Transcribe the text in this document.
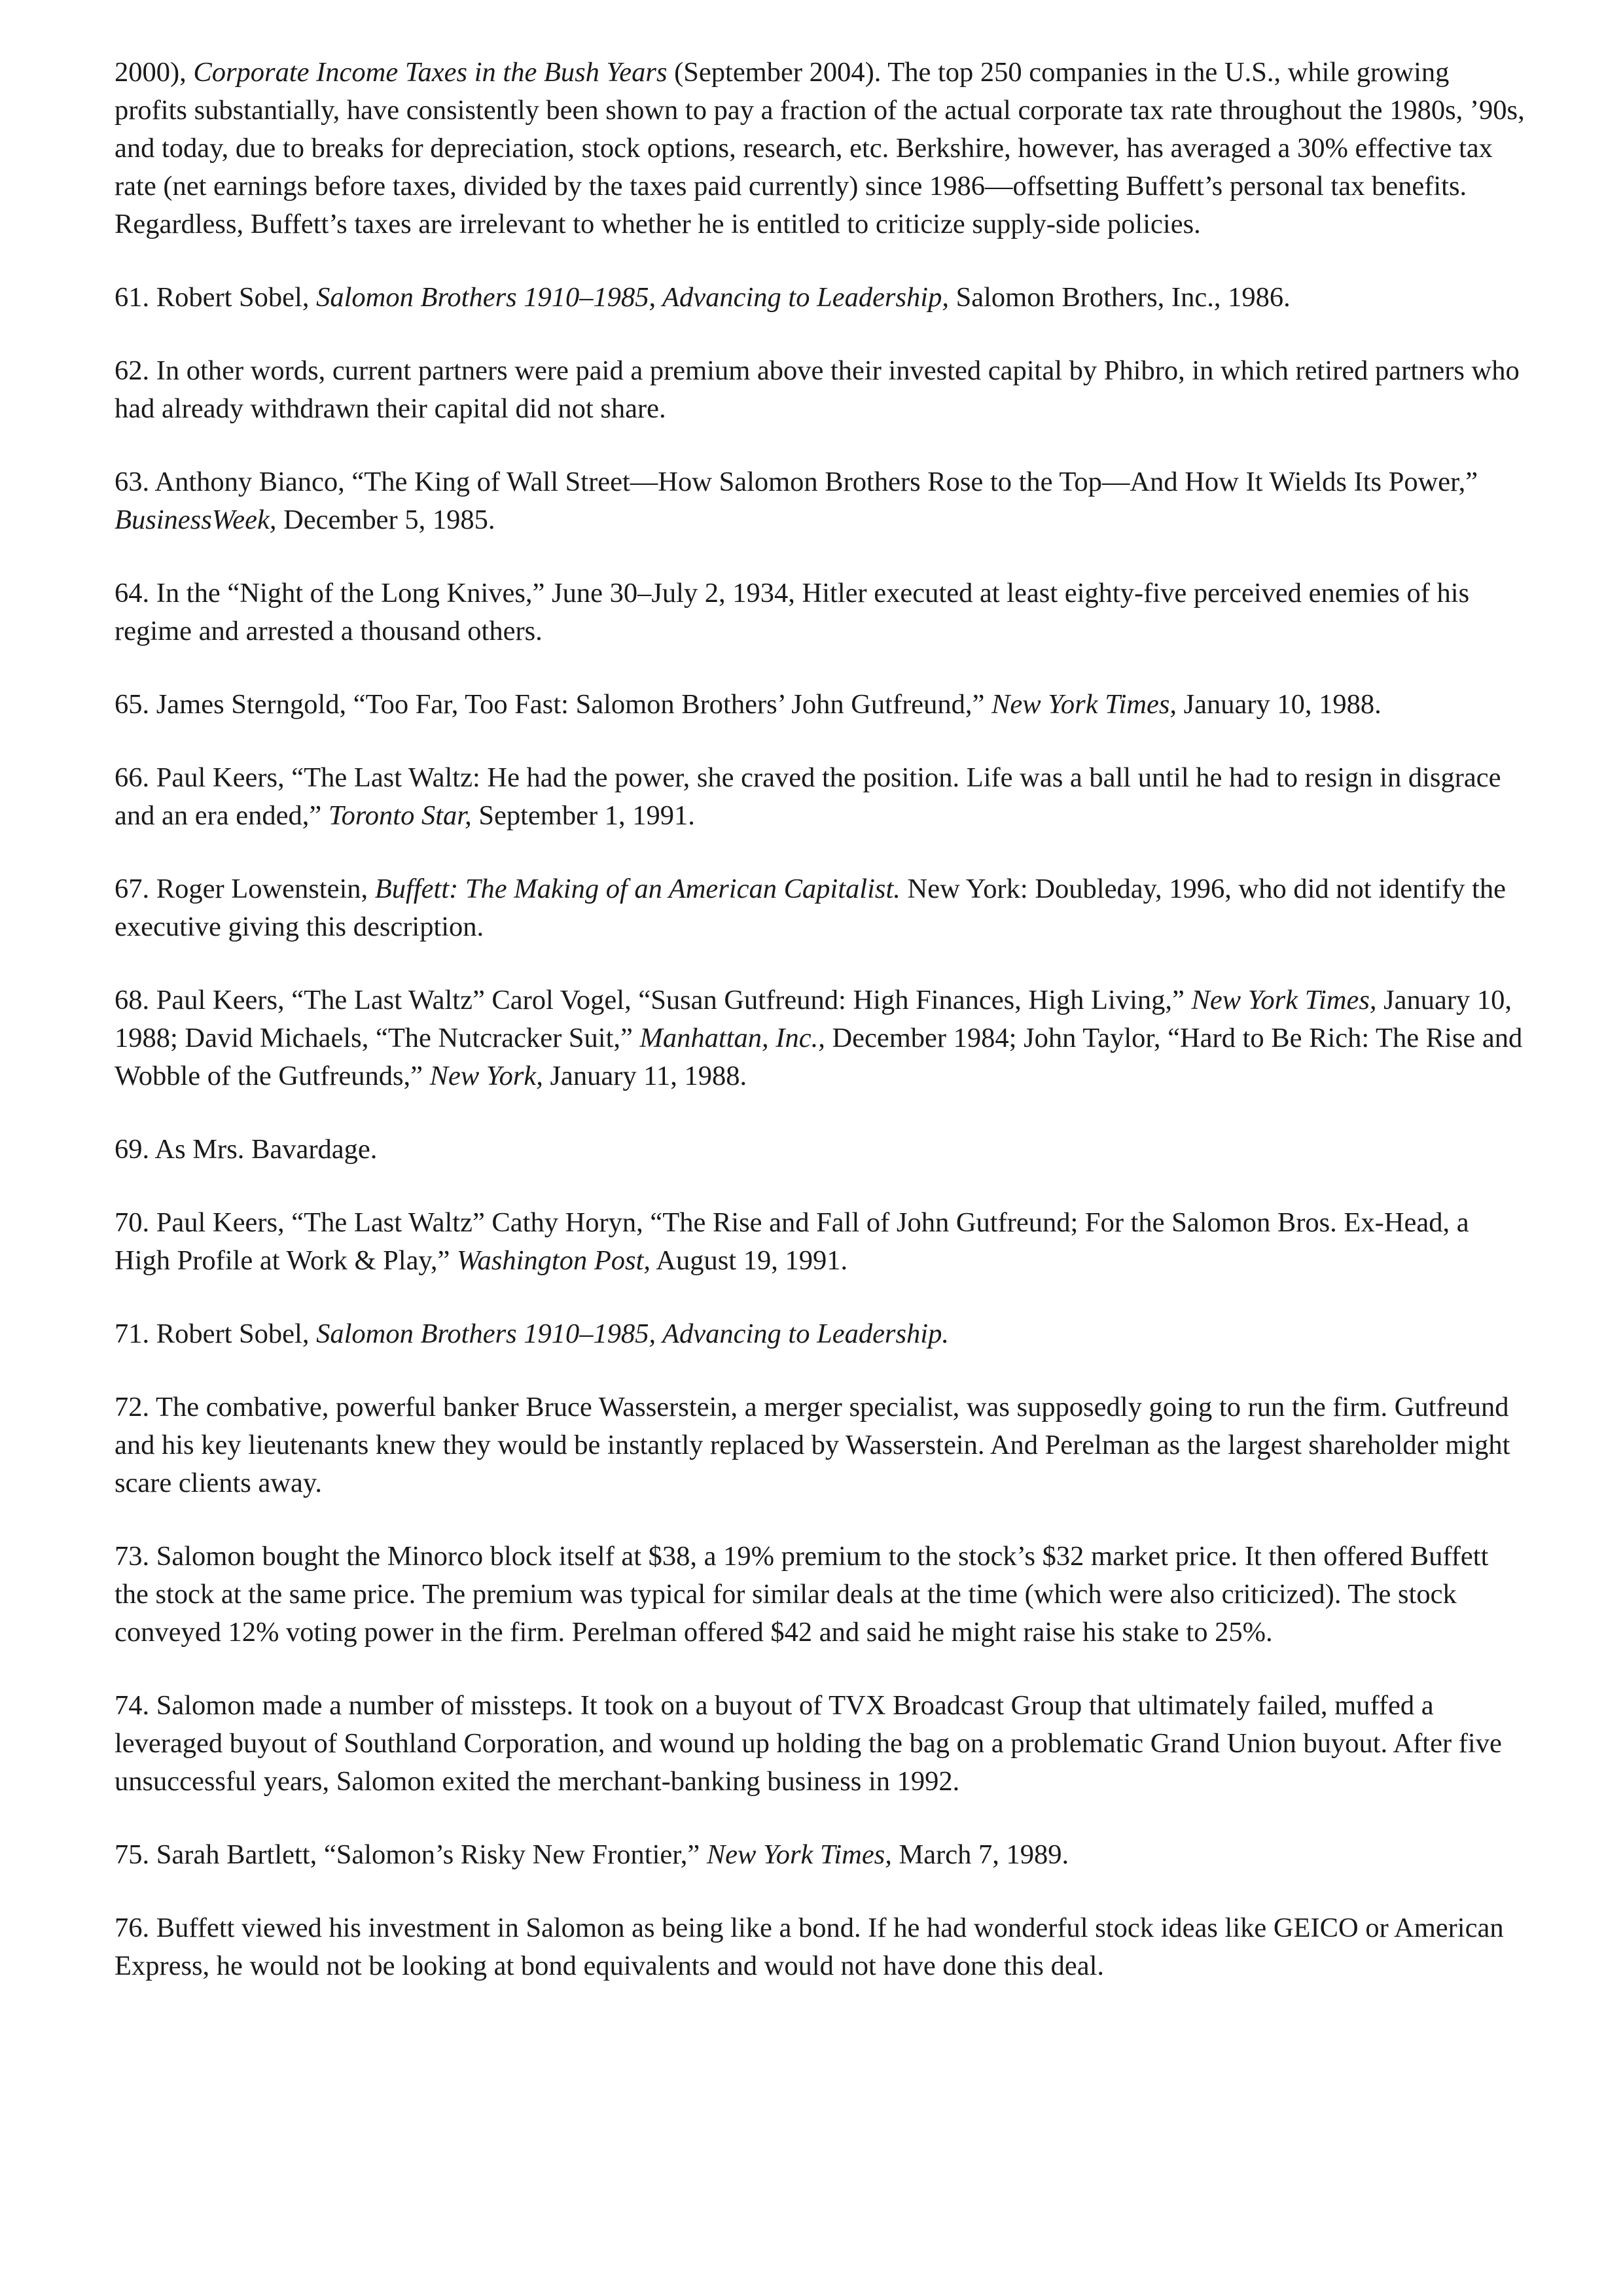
2000), Corporate Income Taxes in the Bush Years (September 2004). The top 250 companies in the U.S., while growing profits substantially, have consistently been shown to pay a fraction of the actual corporate tax rate throughout the 1980s, ’90s, and today, due to breaks for depreciation, stock options, research, etc. Berkshire, however, has averaged a 30% effective tax rate (net earnings before taxes, divided by the taxes paid currently) since 1986—offsetting Buffett’s personal tax benefits. Regardless, Buffett’s taxes are irrelevant to whether he is entitled to criticize supply-side policies.

61. Robert Sobel, Salomon Brothers 1910–1985, Advancing to Leadership, Salomon Brothers, Inc., 1986.

62. In other words, current partners were paid a premium above their invested capital by Phibro, in which retired partners who had already withdrawn their capital did not share.

63. Anthony Bianco, “The King of Wall Street—How Salomon Brothers Rose to the Top—And How It Wields Its Power,” BusinessWeek, December 5, 1985.

64. In the “Night of the Long Knives,” June 30–July 2, 1934, Hitler executed at least eighty-five perceived enemies of his regime and arrested a thousand others.

65. James Sterngold, “Too Far, Too Fast: Salomon Brothers’ John Gutfreund,” New York Times, January 10, 1988.

66. Paul Keers, “The Last Waltz: He had the power, she craved the position. Life was a ball until he had to resign in disgrace and an era ended,” Toronto Star, September 1, 1991.

67. Roger Lowenstein, Buffett: The Making of an American Capitalist. New York: Doubleday, 1996, who did not identify the executive giving this description.

68. Paul Keers, “The Last Waltz” Carol Vogel, “Susan Gutfreund: High Finances, High Living,” New York Times, January 10, 1988; David Michaels, “The Nutcracker Suit,” Manhattan, Inc., December 1984; John Taylor, “Hard to Be Rich: The Rise and Wobble of the Gutfreunds,” New York, January 11, 1988.

69. As Mrs. Bavardage.

70. Paul Keers, “The Last Waltz” Cathy Horyn, “The Rise and Fall of John Gutfreund; For the Salomon Bros. Ex-Head, a High Profile at Work & Play,” Washington Post, August 19, 1991.

71. Robert Sobel, Salomon Brothers 1910–1985, Advancing to Leadership.

72. The combative, powerful banker Bruce Wasserstein, a merger specialist, was supposedly going to run the firm. Gutfreund and his key lieutenants knew they would be instantly replaced by Wasserstein. And Perelman as the largest shareholder might scare clients away.

73. Salomon bought the Minorco block itself at $38, a 19% premium to the stock’s $32 market price. It then offered Buffett the stock at the same price. The premium was typical for similar deals at the time (which were also criticized). The stock conveyed 12% voting power in the firm. Perelman offered $42 and said he might raise his stake to 25%.

74. Salomon made a number of missteps. It took on a buyout of TVX Broadcast Group that ultimately failed, muffed a leveraged buyout of Southland Corporation, and wound up holding the bag on a problematic Grand Union buyout. After five unsuccessful years, Salomon exited the merchant-banking business in 1992.

75. Sarah Bartlett, “Salomon’s Risky New Frontier,” New York Times, March 7, 1989.

76. Buffett viewed his investment in Salomon as being like a bond. If he had wonderful stock ideas like GEICO or American Express, he would not be looking at bond equivalents and would not have done this deal.
